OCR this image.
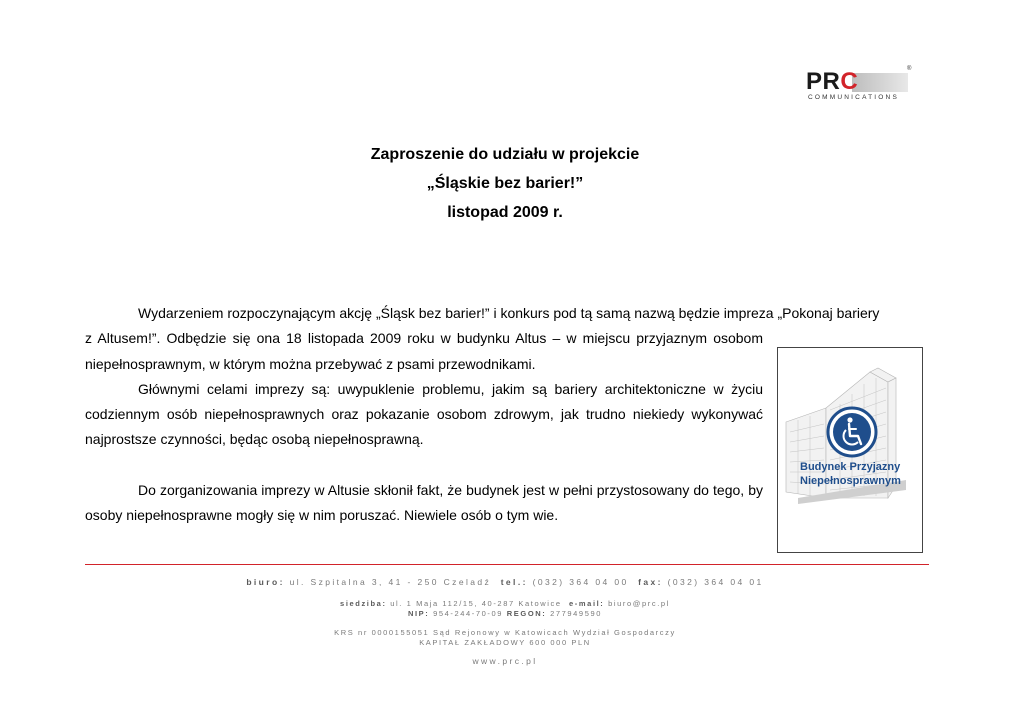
PRC	®
COMMUNICATIONS
Zaproszenie do udziału w projekcie
„Śląskie bez barier!”
listopad 2009 r.

Wydarzeniem rozpoczynającym akcję „Śląsk bez barier!” i konkurs pod tą samą nazwą będzie impreza „Pokonaj bariery
z Altusem!”. Odbędzie się ona 18 listopada 2009 roku w budynku Altus – w miejscu przyjaznym osobom niepełnosprawnym, w którym można przebywać z psami przewodnikami.

Głównymi celami imprezy są: uwypuklenie problemu, jakim są bariery architektoniczne w życiu codziennym osób niepełnosprawnych oraz pokazanie osobom zdrowym, jak trudno niekiedy wykonywać najprostsze czynności, będąc osobą niepełnosprawną.

Do zorganizowania imprezy w Altusie skłonił fakt, że budynek jest w pełni przystosowany do tego, by osoby niepełnosprawne mogły się w nim poruszać. Niewiele osób o tym wie.

Budynek Przyjazny
Niepełnosprawnym
biuro: ul. Szpitalna 3, 41 - 250 Czeladź tel.: (032) 364 04 00 fax: (032) 364 04 01
siedziba: ul. 1 Maja 112/15, 40-287 Katowice e-mail: biuro@prc.pl
NIP: 954-244-70-09 REGON: 277949590
KRS nr 0000155051 Sąd Rejonowy w Katowicach Wydział Gospodarczy
KAPITAŁ ZAKŁADOWY 600 000 PLN
www.prc.pl
